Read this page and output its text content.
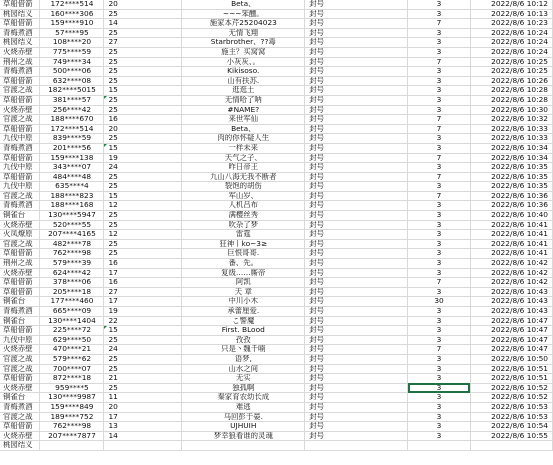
草船借箭	172****514	20	Beta、	封号	3	2022/8/6 10:12
桃园结义	160****306	25	~~~笨醺。	封号	3	2022/8/6 10:13
草船借箭	159****910	14	施家本芹25204023	封号	7	2022/8/6 10:23
青梅煮酒	57****95	25	无情飞翔	封号	3	2022/8/6 10:24
桃园结义	108****20	27	Starbrother、??毒	封号	3	2022/8/6 10:24
火烧赤壁	775****59	25	施主？买窝窝	封号	3	2022/8/6 10:24
荆州之战	749****34	25	小灰灰、。	封号	7	2022/8/6 10:25
青梅煮酒	500****06	25	Kikisoso.	封号	3	2022/8/6 10:25
草船借箭	632****08	25	山有扶苏.	封号	3	2022/8/6 10:26
官渡之战	182****5015	15	逛逛土	封号	3	2022/8/6 10:28
草船借箭	381****57	25	无情哈了呐	封号	3	2022/8/6 10:28
火烧赤壁	256****42	25	#NAME?	封号	3	2022/8/6 10:30
官渡之战	188****670	16	来世军仙	封号	7	2022/8/6 10:32
草船借箭	172****514	20	Beta、	封号	7	2022/8/6 10:33
九伐中原	839****59	25	肉的你怀疑人生	封号	3	2022/8/6 10:33
青梅煮酒	201****56	15	一样未来	封号	3	2022/8/6 10:34
草船借箭	159****138	19	天气之子、	封号	7	2022/8/6 10:34
九伐中原	343****07	24	昨日帝王	封号	3	2022/8/6 10:35
草船借箭	484****48	25	九山八海无我不断者	封号	7	2022/8/6 10:35
九伐中原	635****4	25	裂饱的胡伤	封号	3	2022/8/6 10:35
官渡之战	188****823	15	军山岁、	封号	7	2022/8/6 10:36
青梅煮酒	188****168	12	人机吕布	封号	3	2022/8/6 10:36
铜雀台	130****5947	25	满樱丝秀	封号	3	2022/8/6 10:40
火烧赤壁	520****55	25	吹杂了梦	封号	3	2022/8/6 10:41
火凤燎原	207****4165	12	雷霆	封号	3	2022/8/6 10:41
官渡之战	482****78	25	狂神丨ko~3≥	封号	3	2022/8/6 10:41
草船借箭	762****98	25	巨恨哥哥.	封号	3	2022/8/6 10:41
荆州之战	579****39	16	番、先。	封号	3	2022/8/6 10:42
火烧赤壁	624****42	17	复级……厮帝	封号	3	2022/8/6 10:42
草船借箭	378****06	16	阿凯	封号	7	2022/8/6 10:42
草船借箭	205****18	27	天 章	封号	3	2022/8/6 10:43
铜雀台	177****460	17	中川小木	封号	30	2022/8/6 10:43
青梅煮酒	665****09	19	承蕾厘爱.	封号	3	2022/8/6 10:43
铜雀台	130****1404	22	こ警魔	封号	3	2022/8/6 10:47
草船借箭	225****72	15	First. BLood	封号	3	2022/8/6 10:47
九伐中原	629****50	25	孜孜	封号	3	2022/8/6 10:47
火烧赤壁	470****21	24	只是丶魏千喃	封号	7	2022/8/6 10:47
官渡之战	579****62	25	语梦,	封号	3	2022/8/6 10:50
官渡之战	700****07	25	山水之间	封号	3	2022/8/6 10:51
草船借箭	872****18	21	无实	封号	3	2022/8/6 10:51
火烧赤壁	959****5	25	独孤啊	封号	3	2022/8/6 10:52
铜雀台	130****9987	11	秦家育农幼长成	封号	3	2022/8/6 10:52
青梅煮酒	159****849	20	难逃	封号	3	2022/8/6 10:53
官渡之战	189****752	17	马回彭于晏.	封号	3	2022/8/6 10:53
草船借箭	762****98	13	UJHUIH	封号	3	2022/8/6 10:54
火烧赤壁	207****7877	14	梦幸狼看谁的灵魂	封号	3	2022/8/6 10:55
桃园结义						
